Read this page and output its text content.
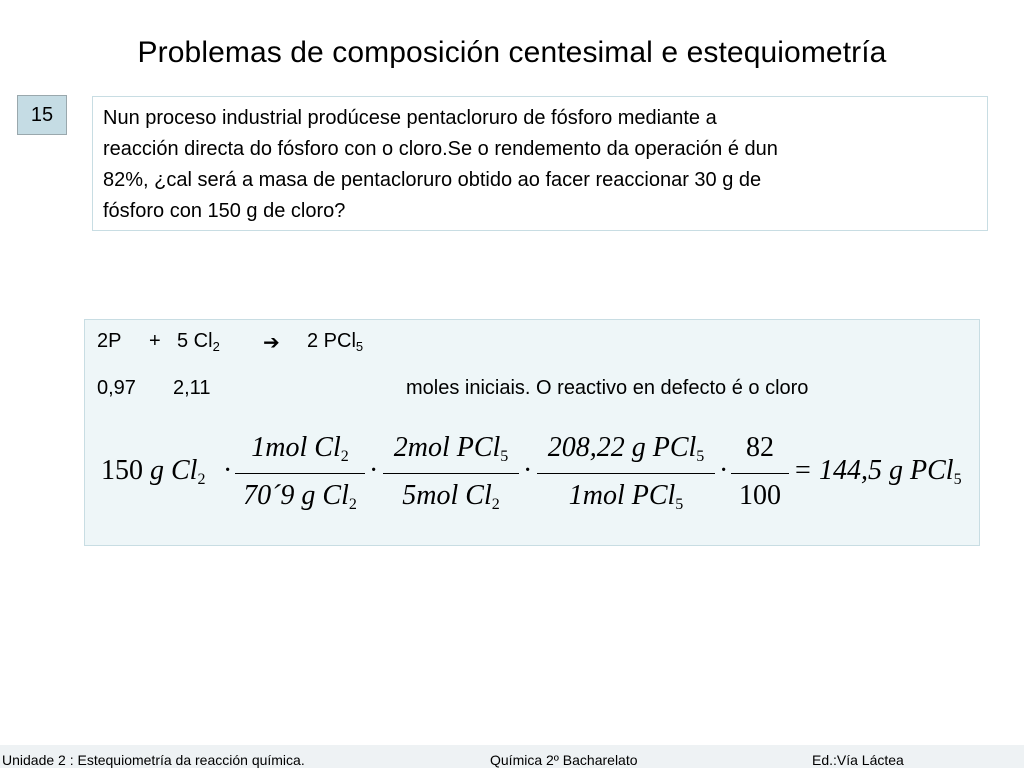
Problemas de composición centesimal e estequiometría
15	Nun proceso industrial prodúcese pentacloruro de fósforo mediante a
reacción directa do fósforo con o cloro.Se o rendemento da operación é dun
82%, ¿cal será a masa de pentacloruro obtido ao facer reaccionar 30 g de
fósforo con 150 g de cloro?
2P + 5 $Cl_2$ ➔ 2 PCl$_5$
0,97 2,11	moles iniciais. O reactivo en defecto é o cloro
150 g $Cl_2$ ·
1mol $Cl_2$
70´9 g $Cl_2$
·
2mol PCl$_5$
5mol $Cl_2$
·
208,22 g PCl$_5$
1mol PCl$_5$
·
82
100
= 144,5 g PCl$_5$
Unidade 2 : Estequiometría da reacción química.	Química 2º Bacharelato	Ed.:Vía Láctea
